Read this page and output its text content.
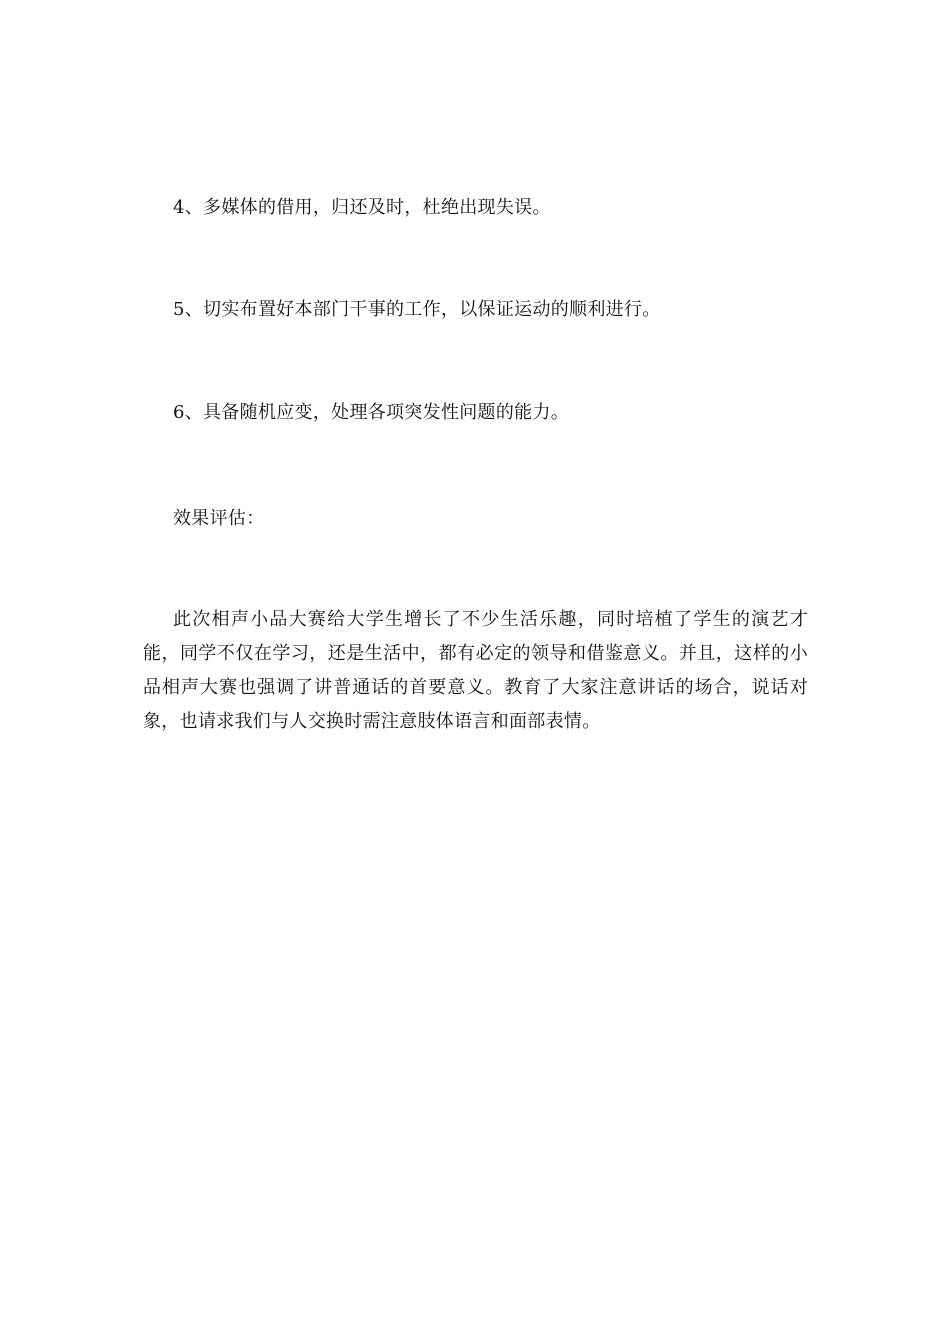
4、多媒体的借用，归还及时，杜绝出现失误。
5、切实布置好本部门干事的工作，以保证运动的顺利进行。
6、具备随机应变，处理各项突发性问题的能力。
效果评估：
此次相声小品大赛给大学生增长了不少生活乐趣，同时培植了学生的演艺才能，同学不仅在学习，还是生活中，都有必定的领导和借鉴意义。并且，这样的小品相声大赛也强调了讲普通话的首要意义。教育了大家注意讲话的场合，说话对象，也请求我们与人交换时需注意肢体语言和面部表情。
